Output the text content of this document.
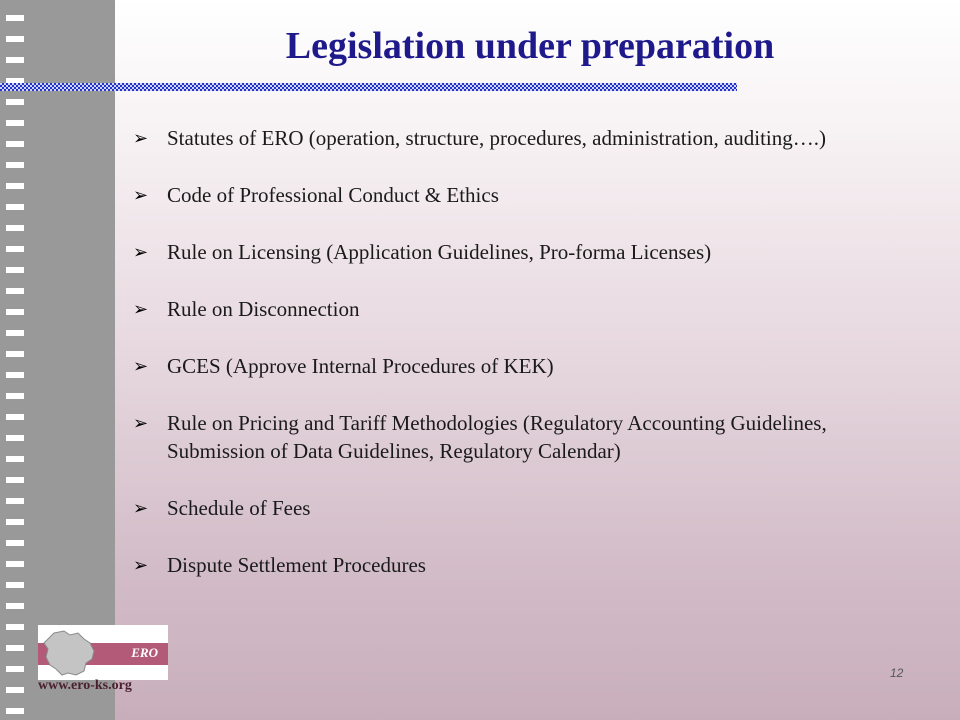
Legislation under preparation
➢ Statutes of ERO (operation, structure, procedures, administration, auditing….)
➢ Code of Professional Conduct & Ethics
➢ Rule on Licensing (Application Guidelines, Pro-forma Licenses)
➢ Rule on Disconnection
➢ GCES (Approve Internal Procedures of KEK)
➢ Rule on Pricing and Tariff Methodologies (Regulatory Accounting Guidelines, Submission of Data Guidelines, Regulatory Calendar)
➢ Schedule of Fees
➢ Dispute Settlement Procedures
ERO
www.ero-ks.org
12
